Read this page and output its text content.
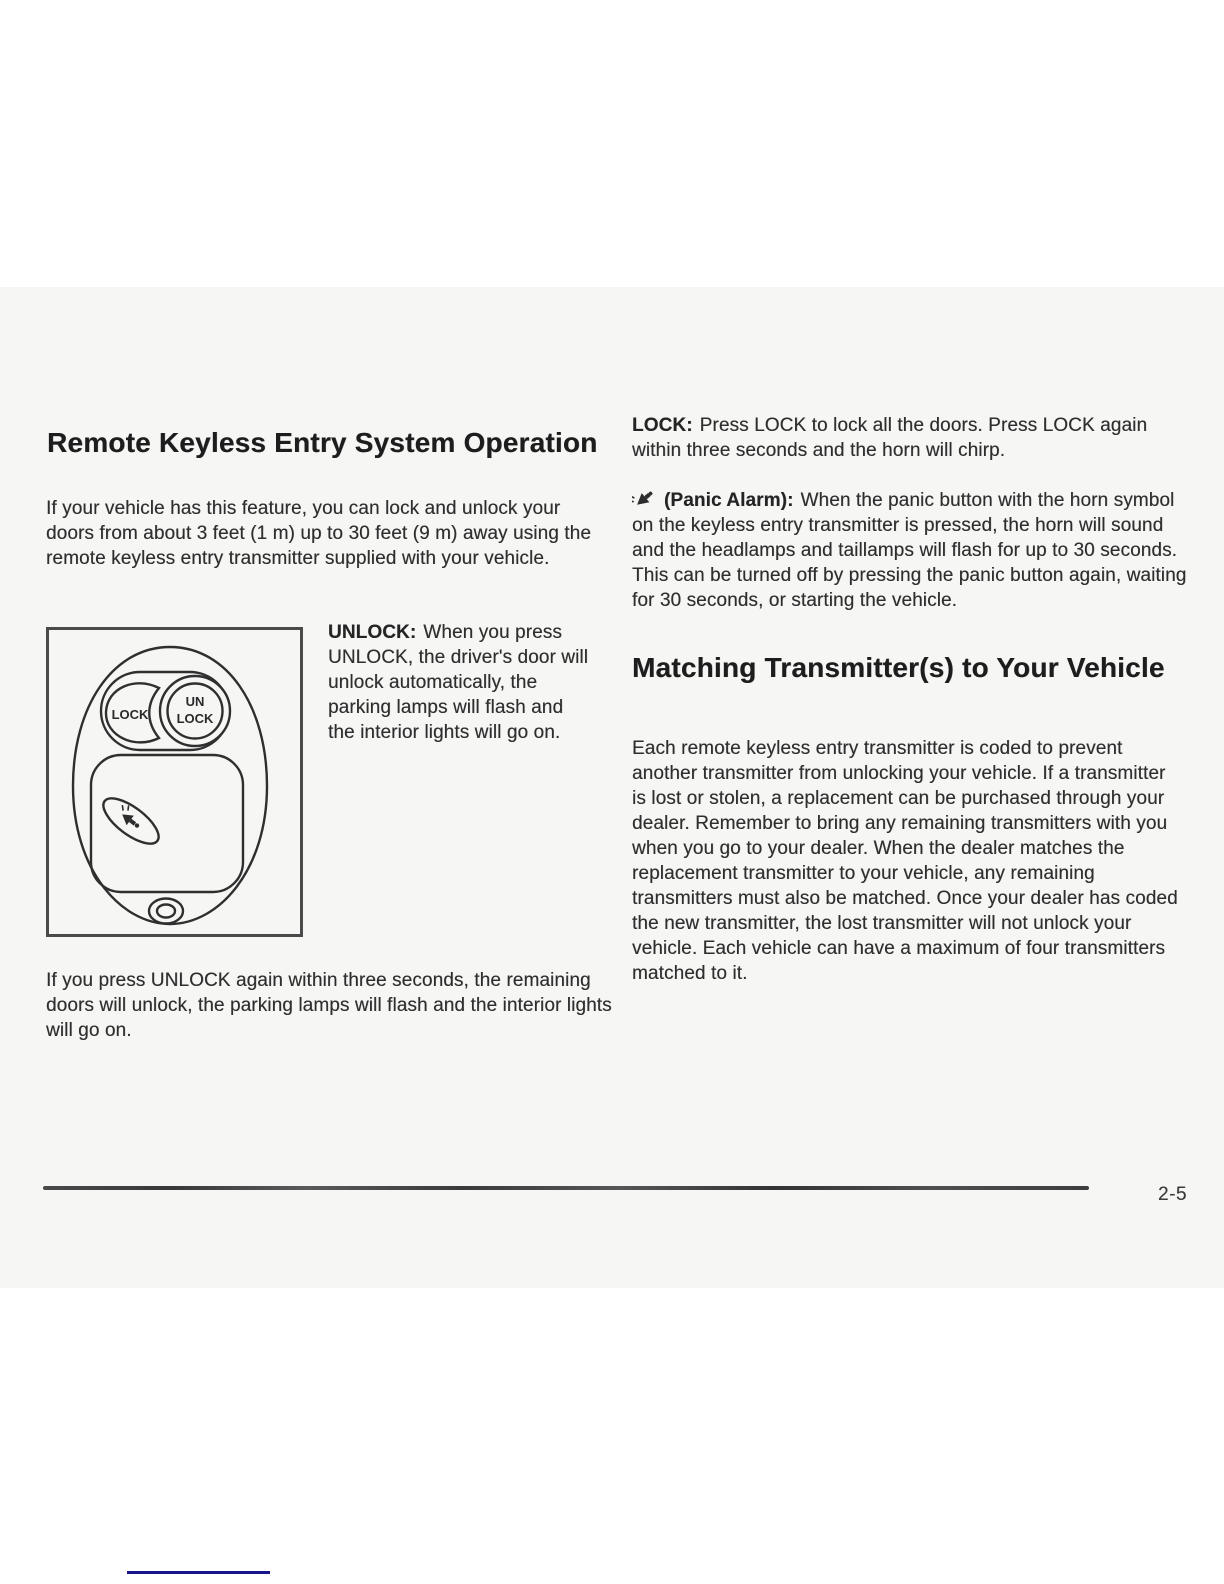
Remote Keyless Entry System Operation

If your vehicle has this feature, you can lock and unlock your doors from about 3 feet (1 m) up to 30 feet (9 m) away using the remote keyless entry transmitter supplied with your vehicle.

UN
LOCK
LOCK

UNLOCK: When you press UNLOCK, the driver's door will unlock automatically, the parking lamps will flash and the interior lights will go on.

If you press UNLOCK again within three seconds, the remaining doors will unlock, the parking lamps will flash and the interior lights will go on.

LOCK: Press LOCK to lock all the doors. Press LOCK again within three seconds and the horn will chirp.

(Panic Alarm): When the panic button with the horn symbol on the keyless entry transmitter is pressed, the horn will sound and the headlamps and taillamps will flash for up to 30 seconds. This can be turned off by pressing the panic button again, waiting for 30 seconds, or starting the vehicle.

Matching Transmitter(s) to Your Vehicle

Each remote keyless entry transmitter is coded to prevent another transmitter from unlocking your vehicle. If a transmitter is lost or stolen, a replacement can be purchased through your dealer. Remember to bring any remaining transmitters with you when you go to your dealer. When the dealer matches the replacement transmitter to your vehicle, any remaining transmitters must also be matched. Once your dealer has coded the new transmitter, the lost transmitter will not unlock your vehicle. Each vehicle can have a maximum of four transmitters matched to it.

2-5
